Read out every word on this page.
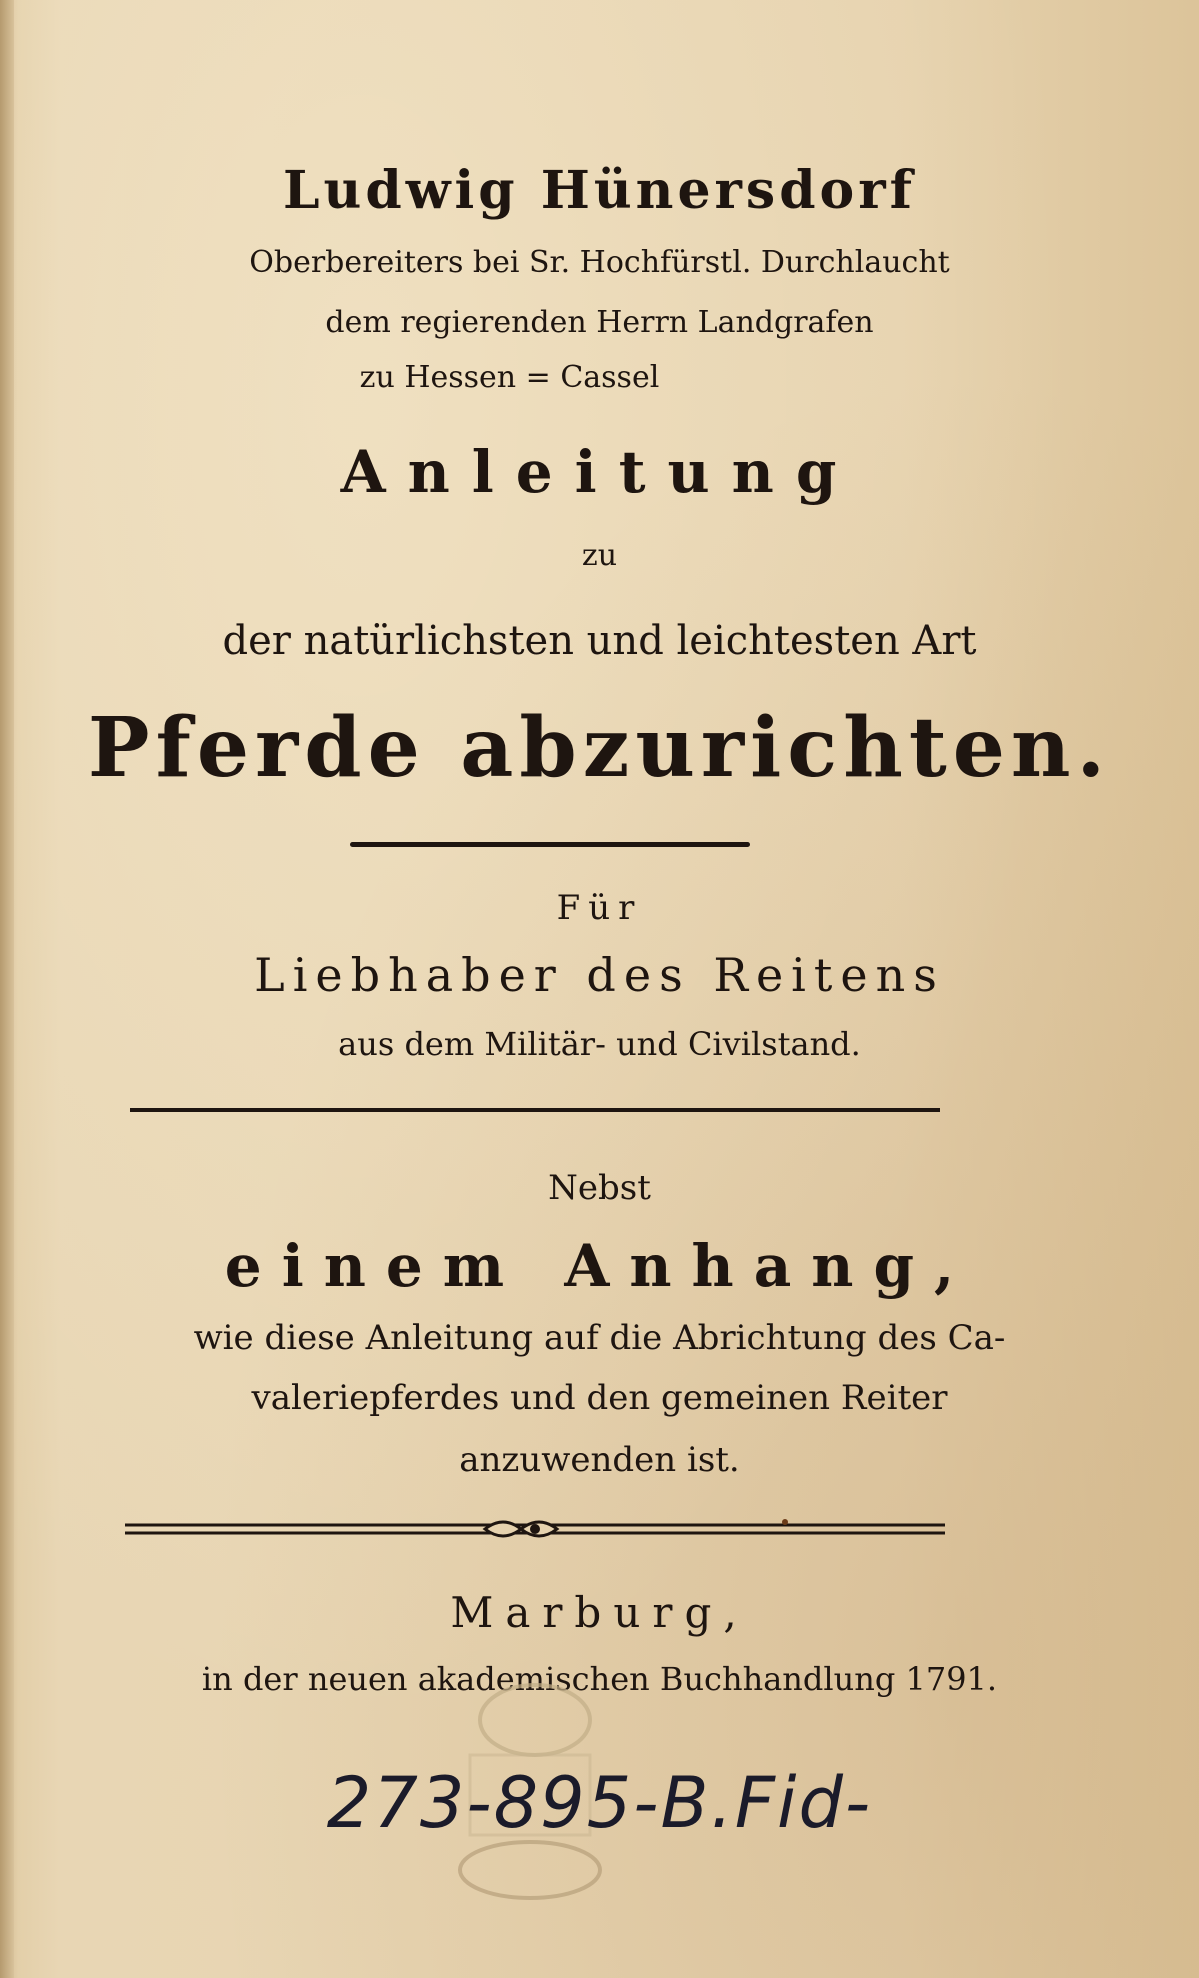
Ludwig Hünersdorf
Oberbereiters bei Sr. Hochfürstl. Durchlaucht
dem regierenden Herrn Landgrafen
zu Hessen = Cassel
Anleitung
zu
der natürlichsten und leichtesten Art
Pferde abzurichten.
Für
Liebhaber des Reitens
aus dem Militär- und Civilstand.
Nebst
einem Anhang,
wie diese Anleitung auf die Abrichtung des Ca-
valeriepferdes und den gemeinen Reiter
anzuwenden ist.
Marburg,
in der neuen akademischen Buchhandlung 1791.
273-895-B.Fid-
